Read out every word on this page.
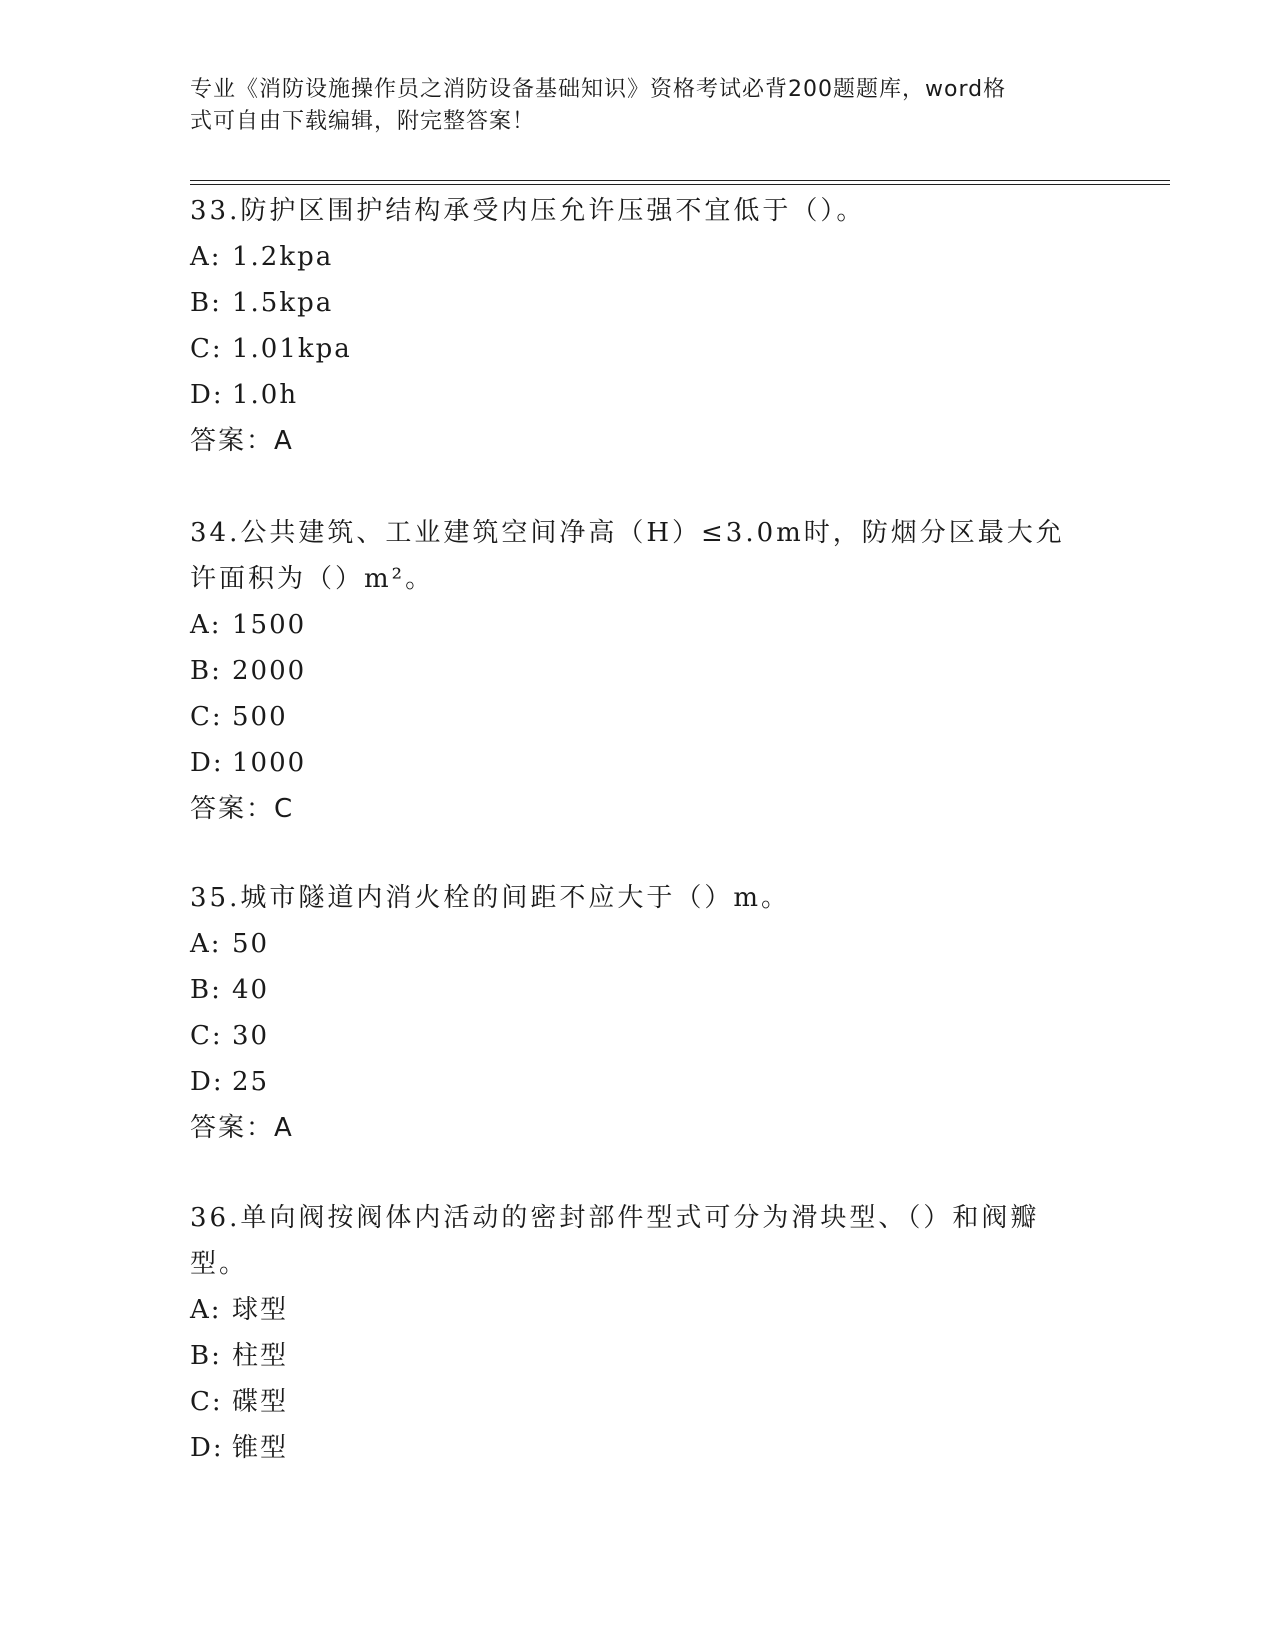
专业《消防设施操作员之消防设备基础知识》资格考试必背200题题库，word格
式可自由下载编辑，附完整答案！
33.防护区围护结构承受内压允许压强不宜低于（）。
A: 1.2kpa
B: 1.5kpa
C: 1.01kpa
D: 1.0h
答案：A
34.公共建筑、工业建筑空间净高（H）≤3.0m时，防烟分区最大允许面积为（）m²。
A: 1500
B: 2000
C: 500
D: 1000
答案：C
35.城市隧道内消火栓的间距不应大于（）m。
A: 50
B: 40
C: 30
D: 25
答案：A
36.单向阀按阀体内活动的密封部件型式可分为滑块型、（）和阀瓣型。
A: 球型
B: 柱型
C: 碟型
D: 锥型
